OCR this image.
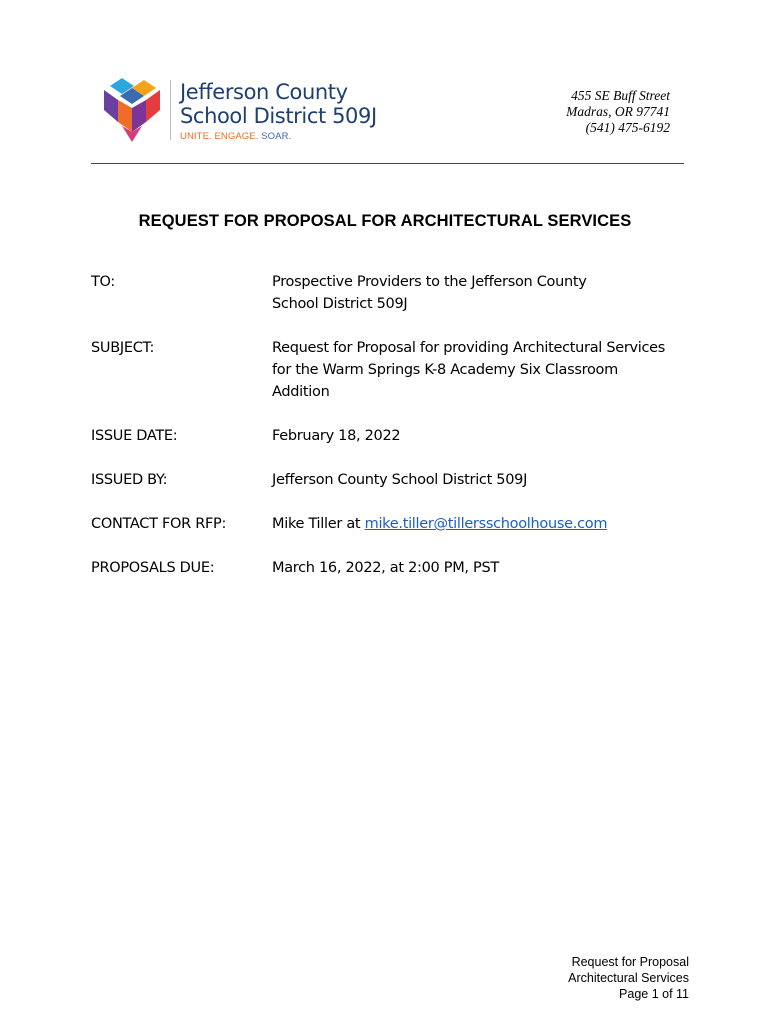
Jefferson County
School District 509J
UNITE. ENGAGE. SOAR.
455 SE Buff Street
Madras, OR 97741
(541) 475-6192
REQUEST FOR PROPOSAL FOR ARCHITECTURAL SERVICES
TO:	Prospective Providers to the Jefferson County
School District 509J
SUBJECT:	Request for Proposal for providing Architectural Services
for the Warm Springs K-8 Academy Six Classroom
Addition
ISSUE DATE:	February 18, 2022
ISSUED BY:	Jefferson County School District 509J
CONTACT FOR RFP:	Mike Tiller at mike.tiller@tillersschoolhouse.com
PROPOSALS DUE:	March 16, 2022, at 2:00 PM, PST
Request for Proposal
Architectural Services
Page 1 of 11
